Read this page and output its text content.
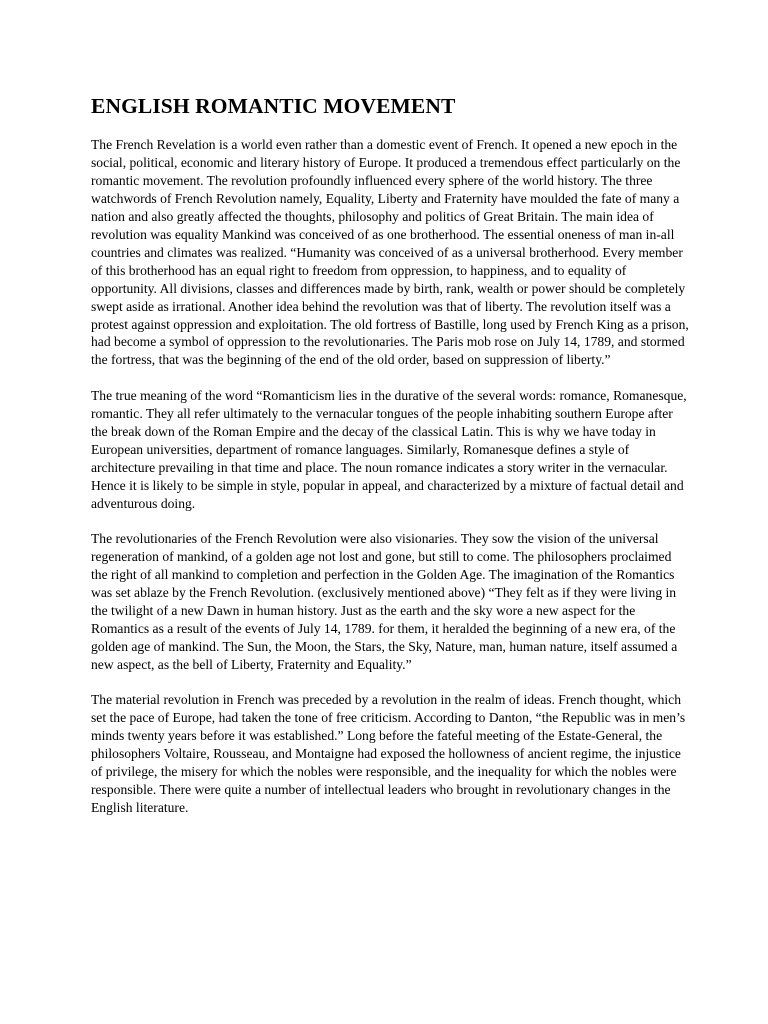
ENGLISH ROMANTIC MOVEMENT

The French Revelation is a world even rather than a domestic event of French. It opened a new epoch in the social, political, economic and literary history of Europe. It produced a tremendous effect particularly on the romantic movement. The revolution profoundly influenced every sphere of the world history. The three watchwords of French Revolution namely, Equality, Liberty and Fraternity have moulded the fate of many a nation and also greatly affected the thoughts, philosophy and politics of Great Britain. The main idea of revolution was equality Mankind was conceived of as one brotherhood. The essential oneness of man in-all countries and climates was realized. “Humanity was conceived of as a universal brotherhood. Every member of this brotherhood has an equal right to freedom from oppression, to happiness, and to equality of opportunity. All divisions, classes and differences made by birth, rank, wealth or power should be completely swept aside as irrational. Another idea behind the revolution was that of liberty. The revolution itself was a protest against oppression and exploitation. The old fortress of Bastille, long used by French King as a prison, had become a symbol of oppression to the revolutionaries. The Paris mob rose on July 14, 1789, and stormed the fortress, that was the beginning of the end of the old order, based on suppression of liberty.”

The true meaning of the word “Romanticism lies in the durative of the several words: romance, Romanesque, romantic. They all refer ultimately to the vernacular tongues of the people inhabiting southern Europe after the break down of the Roman Empire and the decay of the classical Latin. This is why we have today in European universities, department of romance languages. Similarly, Romanesque defines a style of architecture prevailing in that time and place. The noun romance indicates a story writer in the vernacular. Hence it is likely to be simple in style, popular in appeal, and characterized by a mixture of factual detail and adventurous doing.

The revolutionaries of the French Revolution were also visionaries. They sow the vision of the universal regeneration of mankind, of a golden age not lost and gone, but still to come. The philosophers proclaimed the right of all mankind to completion and perfection in the Golden Age. The imagination of the Romantics was set ablaze by the French Revolution. (exclusively mentioned above) “They felt as if they were living in the twilight of a new Dawn in human history. Just as the earth and the sky wore a new aspect for the Romantics as a result of the events of July 14, 1789. for them, it heralded the beginning of a new era, of the golden age of mankind. The Sun, the Moon, the Stars, the Sky, Nature, man, human nature, itself assumed a new aspect, as the bell of Liberty, Fraternity and Equality.”

The material revolution in French was preceded by a revolution in the realm of ideas. French thought, which set the pace of Europe, had taken the tone of free criticism. According to Danton, “the Republic was in men’s minds twenty years before it was established.” Long before the fateful meeting of the Estate-General, the philosophers Voltaire, Rousseau, and Montaigne had exposed the hollowness of ancient regime, the injustice of privilege, the misery for which the nobles were responsible, and the inequality for which the nobles were responsible. There were quite a number of intellectual leaders who brought in revolutionary changes in the English literature.
